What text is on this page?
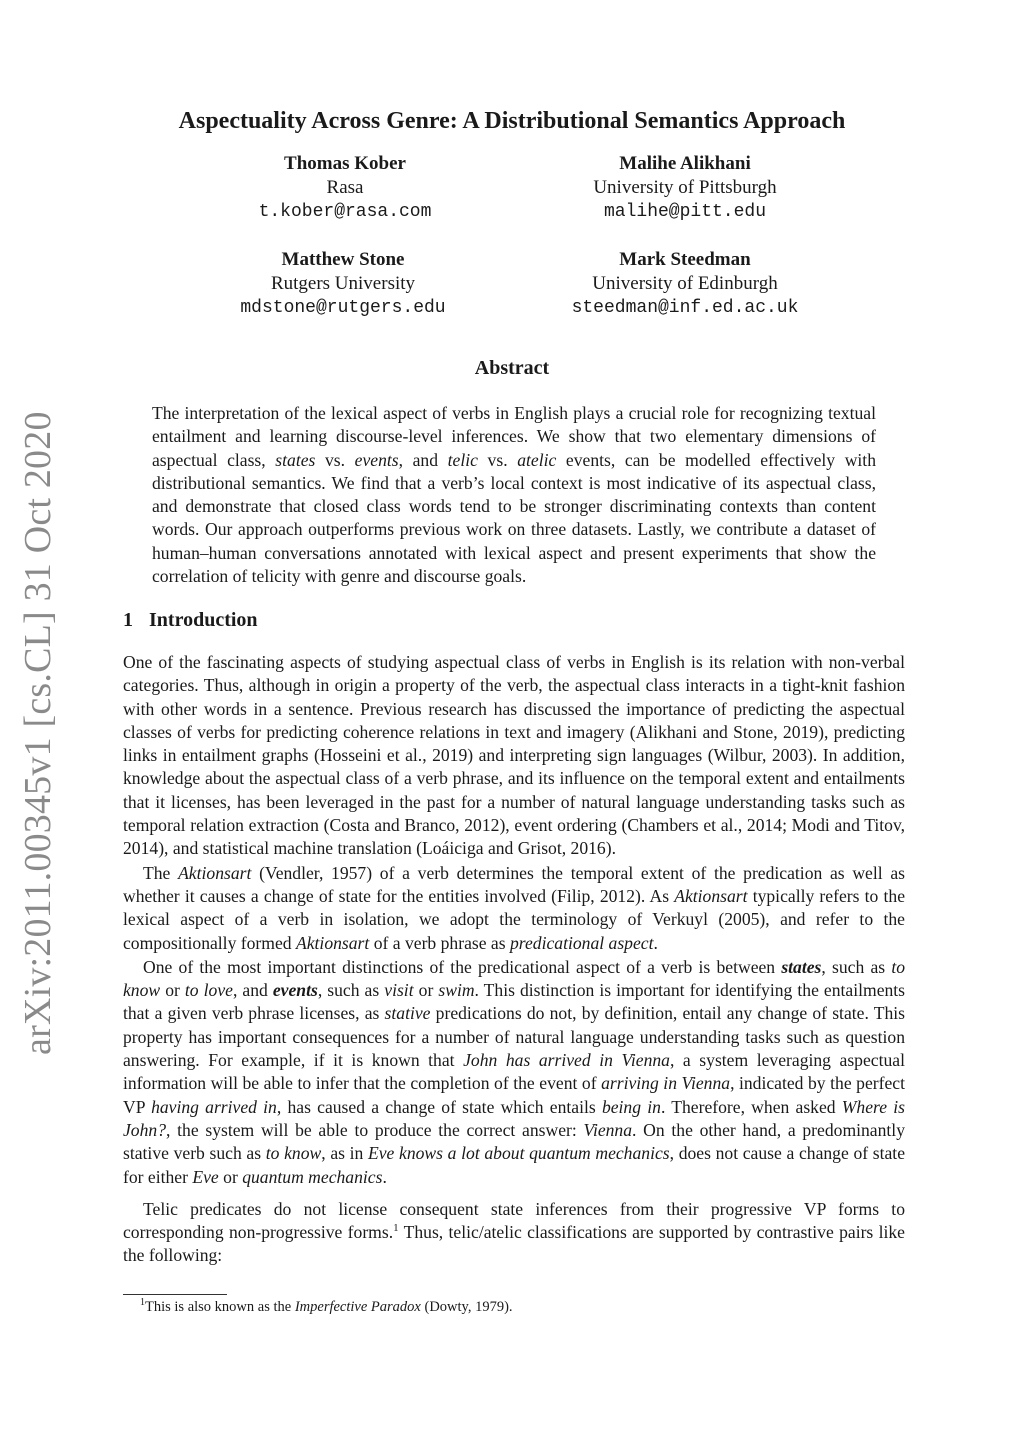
arXiv:2011.00345v1 [cs.CL] 31 Oct 2020
Aspectuality Across Genre: A Distributional Semantics Approach
Thomas Kober
Rasa
t.kober@rasa.com
Malihe Alikhani
University of Pittsburgh
malihe@pitt.edu
Matthew Stone
Rutgers University
mdstone@rutgers.edu
Mark Steedman
University of Edinburgh
steedman@inf.ed.ac.uk
Abstract
The interpretation of the lexical aspect of verbs in English plays a crucial role for recognizing textual entailment and learning discourse-level inferences. We show that two elementary dimensions of aspectual class, states vs. events, and telic vs. atelic events, can be modelled effectively with distributional semantics. We find that a verb’s local context is most indicative of its aspectual class, and demonstrate that closed class words tend to be stronger discriminating contexts than content words. Our approach outperforms previous work on three datasets. Lastly, we contribute a dataset of human–human conversations annotated with lexical aspect and present experiments that show the correlation of telicity with genre and discourse goals.
1 Introduction

One of the fascinating aspects of studying aspectual class of verbs in English is its relation with non-verbal categories. Thus, although in origin a property of the verb, the aspectual class interacts in a tight-knit fashion with other words in a sentence. Previous research has discussed the importance of predicting the aspectual classes of verbs for predicting coherence relations in text and imagery (Alikhani and Stone, 2019), predicting links in entailment graphs (Hosseini et al., 2019) and interpreting sign languages (Wilbur, 2003). In addition, knowledge about the aspectual class of a verb phrase, and its influence on the temporal extent and entailments that it licenses, has been leveraged in the past for a number of natural language understanding tasks such as temporal relation extraction (Costa and Branco, 2012), event ordering (Chambers et al., 2014; Modi and Titov, 2014), and statistical machine translation (Loáiciga and Grisot, 2016).

The Aktionsart (Vendler, 1957) of a verb determines the temporal extent of the predication as well as whether it causes a change of state for the entities involved (Filip, 2012). As Aktionsart typically refers to the lexical aspect of a verb in isolation, we adopt the terminology of Verkuyl (2005), and refer to the compositionally formed Aktionsart of a verb phrase as predicational aspect.

One of the most important distinctions of the predicational aspect of a verb is between states, such as to know or to love, and events, such as visit or swim. This distinction is important for identifying the entailments that a given verb phrase licenses, as stative predications do not, by definition, entail any change of state. This property has important consequences for a number of natural language understanding tasks such as question answering. For example, if it is known that John has arrived in Vienna, a system leveraging aspectual information will be able to infer that the completion of the event of arriving in Vienna, indicated by the perfect VP having arrived in, has caused a change of state which entails being in. Therefore, when asked Where is John?, the system will be able to produce the correct answer: Vienna. On the other hand, a predominantly stative verb such as to know, as in Eve knows a lot about quantum mechanics, does not cause a change of state for either Eve or quantum mechanics.

Telic predicates do not license consequent state inferences from their progressive VP forms to corresponding non-progressive forms.$^1$ Thus, telic/atelic classifications are supported by contrastive pairs like the following:

$^1$This is also known as the Imperfective Paradox (Dowty, 1979).
